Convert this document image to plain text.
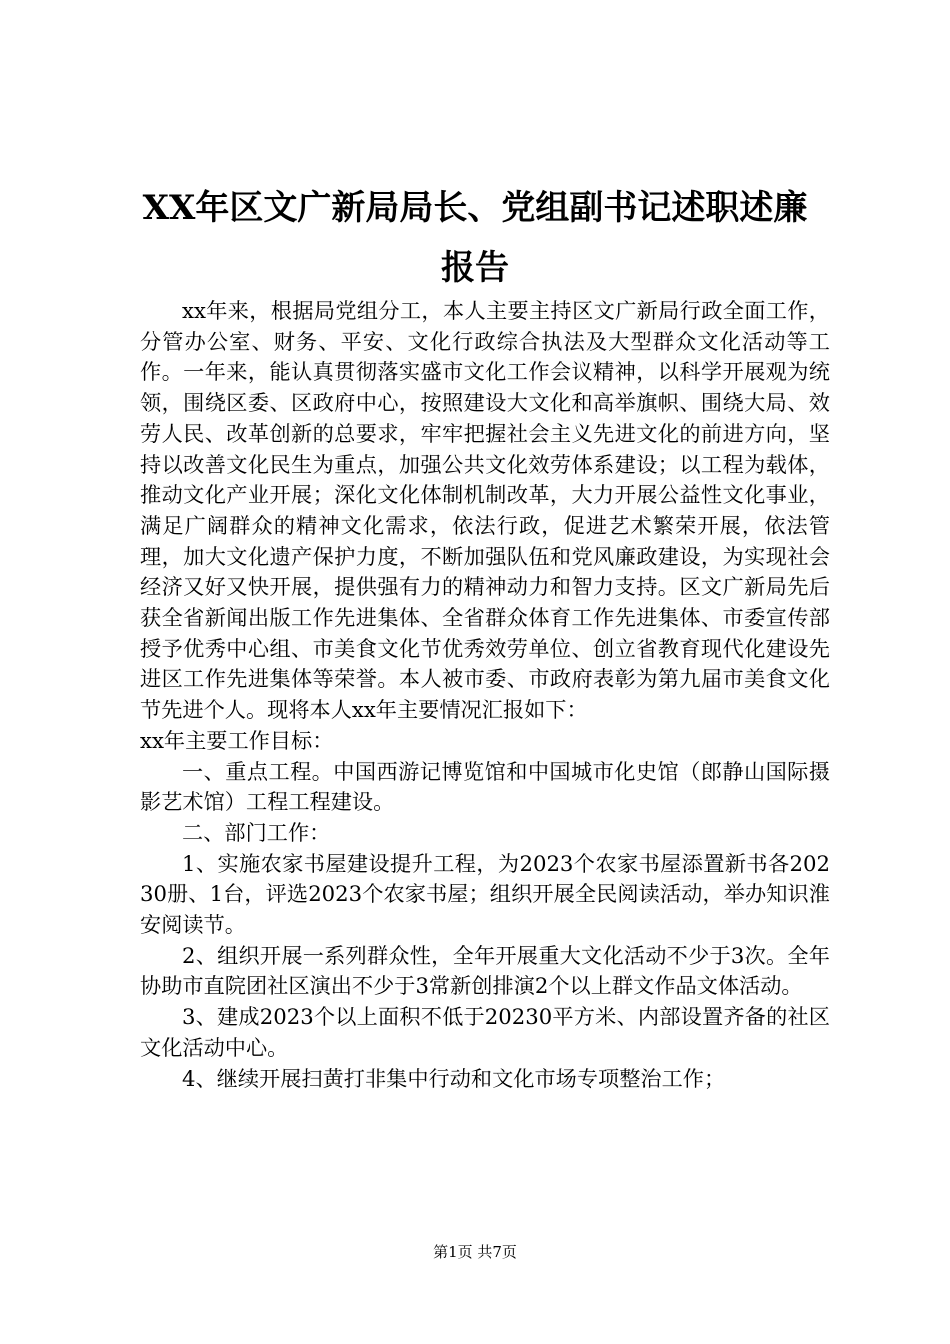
XX年区文广新局局长、党组副书记述职述廉
报告

xx年来，根据局党组分工，本人主要主持区文广新局行政全面工作，分管办公室、财务、平安、文化行政综合执法及大型群众文化活动等工作。一年来，能认真贯彻落实盛市文化工作会议精神，以科学开展观为统领，围绕区委、区政府中心，按照建设大文化和高举旗帜、围绕大局、效劳人民、改革创新的总要求，牢牢把握社会主义先进文化的前进方向，坚持以改善文化民生为重点，加强公共文化效劳体系建设；以工程为载体，推动文化产业开展；深化文化体制机制改革，大力开展公益性文化事业，满足广阔群众的精神文化需求，依法行政，促进艺术繁荣开展，依法管理，加大文化遗产保护力度，不断加强队伍和党风廉政建设，为实现社会经济又好又快开展，提供强有力的精神动力和智力支持。区文广新局先后获全省新闻出版工作先进集体、全省群众体育工作先进集体、市委宣传部授予优秀中心组、市美食文化节优秀效劳单位、创立省教育现代化建设先进区工作先进集体等荣誉。本人被市委、市政府表彰为第九届市美食文化节先进个人。现将本人xx年主要情况汇报如下：

xx年主要工作目标：

一、重点工程。中国西游记博览馆和中国城市化史馆（郎静山国际摄影艺术馆）工程工程建设。

二、部门工作：

1、实施农家书屋建设提升工程，为2023个农家书屋添置新书各20230册、1台，评选2023个农家书屋；组织开展全民阅读活动，举办知识淮安阅读节。

2、组织开展一系列群众性，全年开展重大文化活动不少于3次。全年协助市直院团社区演出不少于3常新创排演2个以上群文作品文体活动。

3、建成2023个以上面积不低于20230平方米、内部设置齐备的社区文化活动中心。

4、继续开展扫黄打非集中行动和文化市场专项整治工作；

第1页 共7页
